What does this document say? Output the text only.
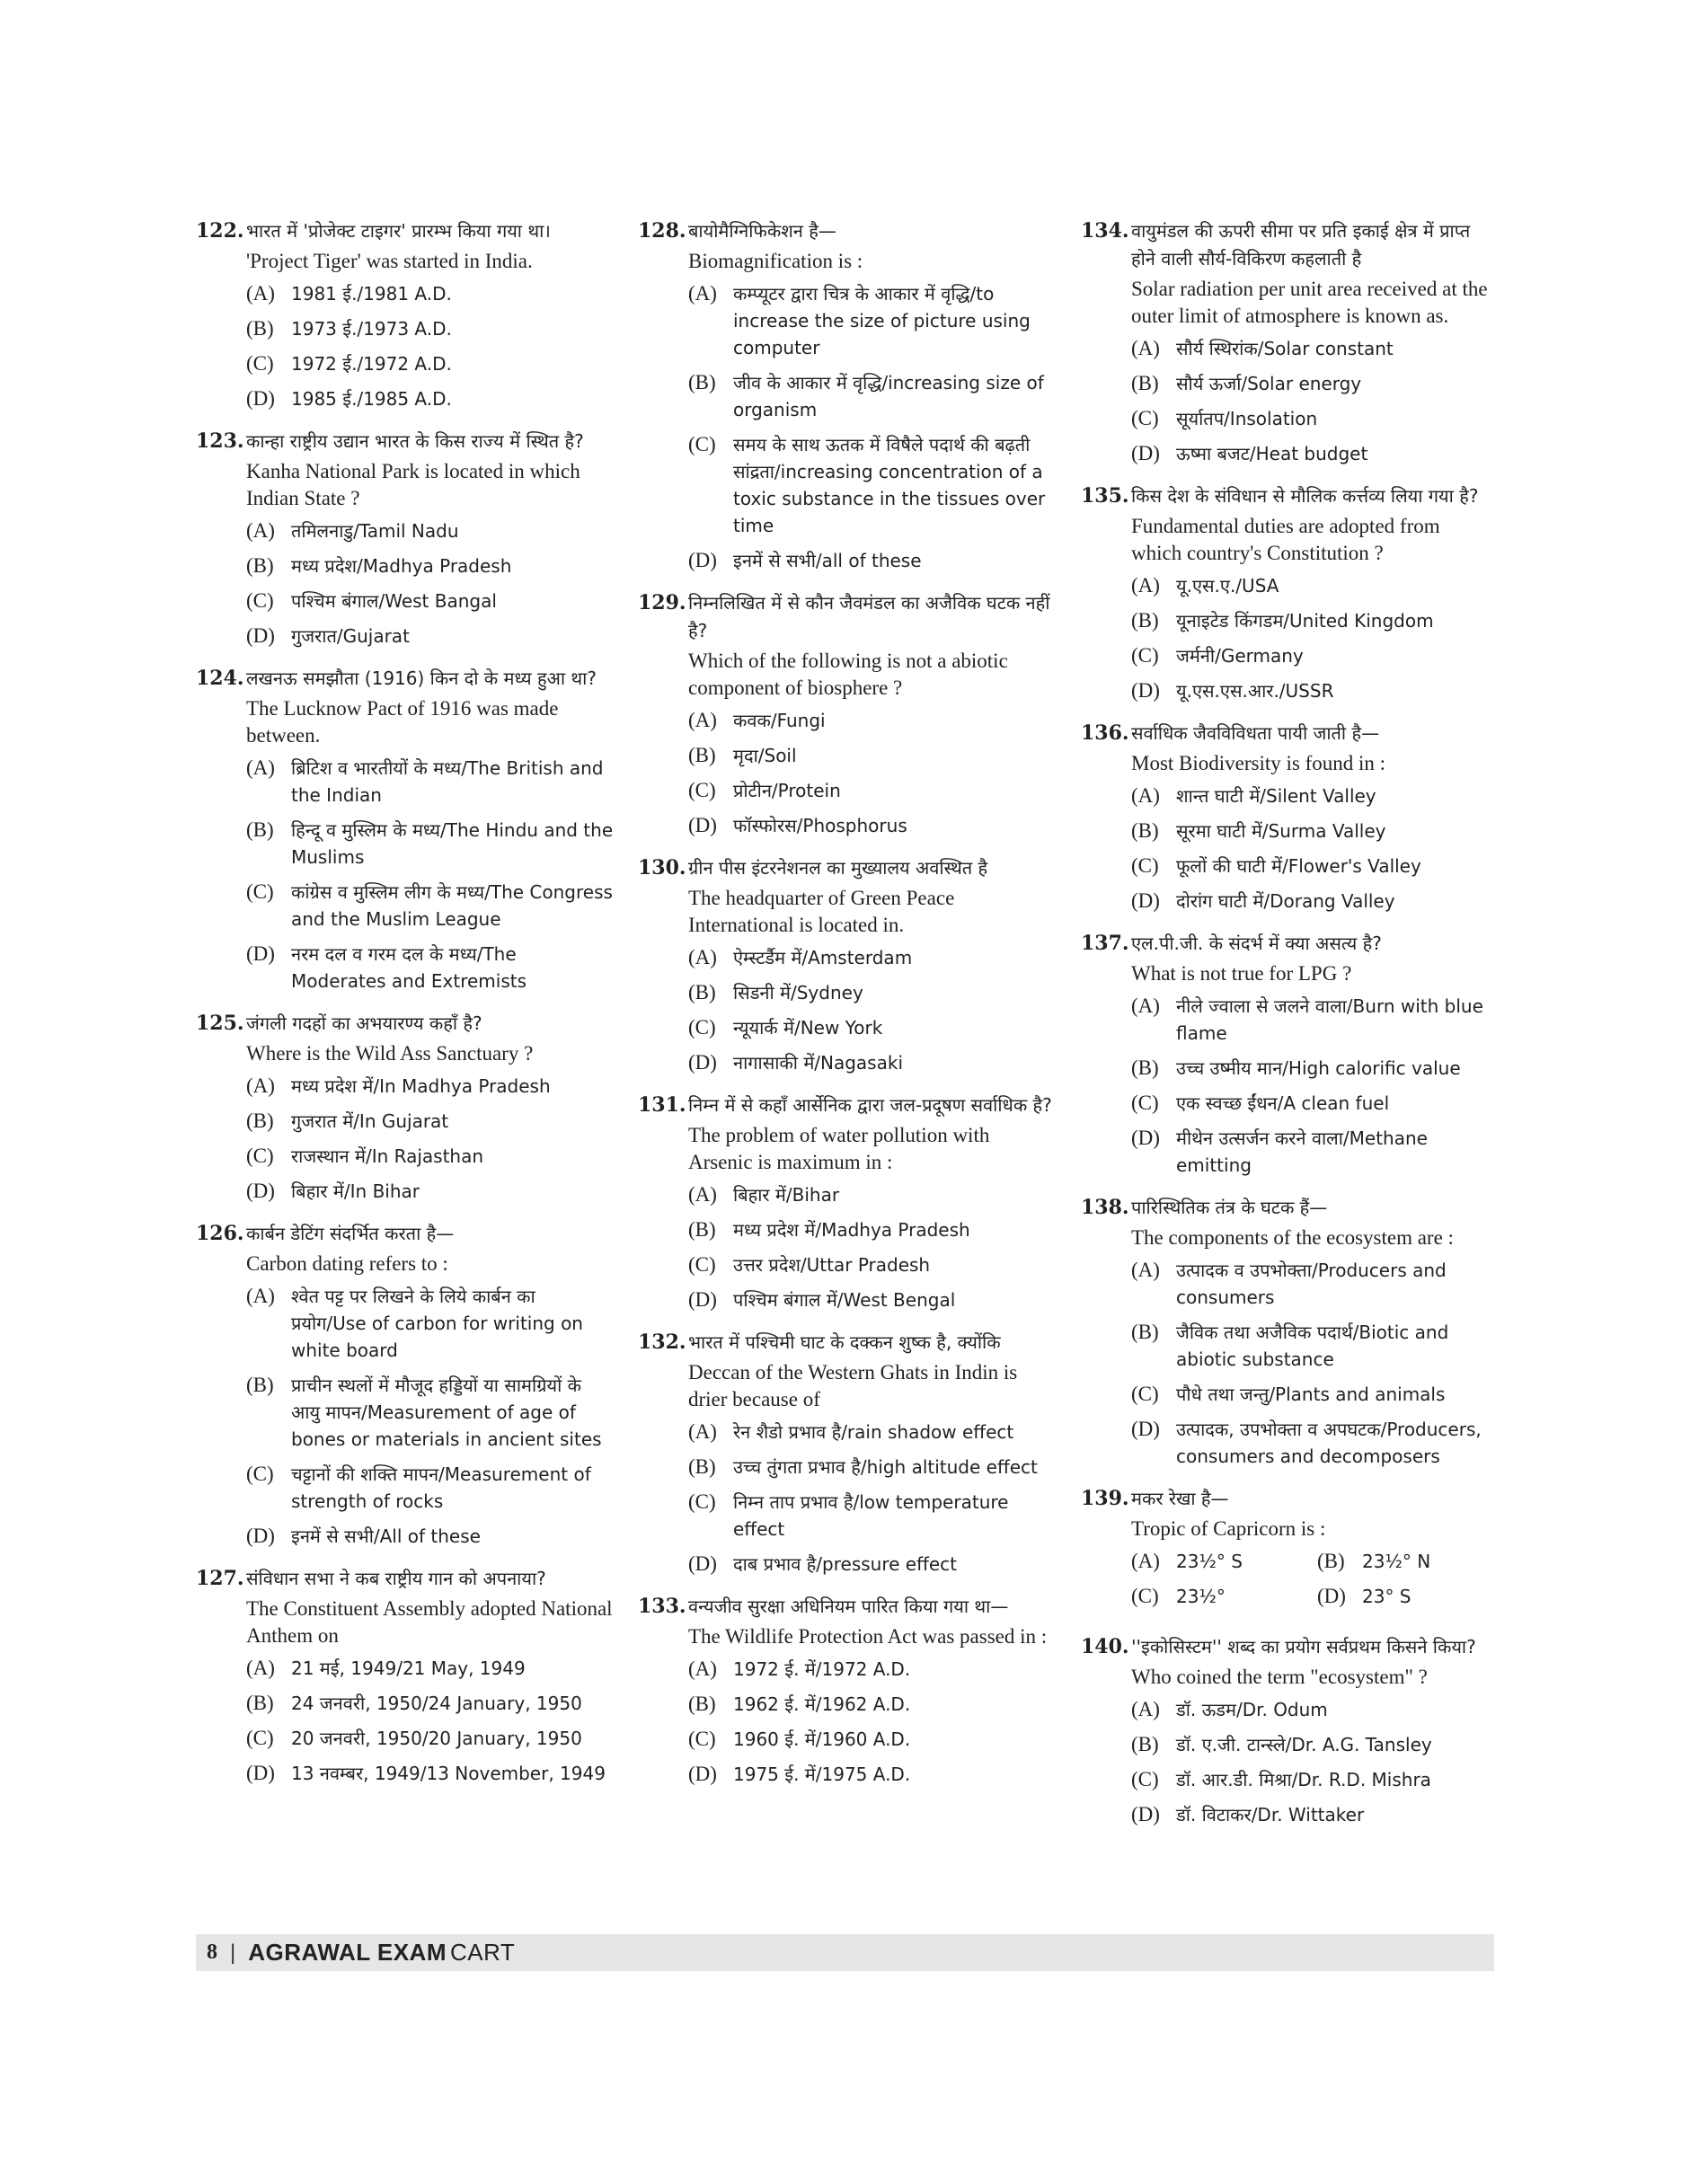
122. भारत में 'प्रोजेक्ट टाइगर' प्रारम्भ किया गया था।
'Project Tiger' was started in India.
(A) 1981 ई./1981 A.D.
(B) 1973 ई./1973 A.D.
(C) 1972 ई./1972 A.D.
(D) 1985 ई./1985 A.D.
123. कान्हा राष्ट्रीय उद्यान भारत के किस राज्य में स्थित है?
Kanha National Park is located in which Indian State ?
(A) तमिलनाडु/Tamil Nadu
(B) मध्य प्रदेश/Madhya Pradesh
(C) पश्चिम बंगाल/West Bangal
(D) गुजरात/Gujarat
124. लखनऊ समझौता (1916) किन दो के मध्य हुआ था?
The Lucknow Pact of 1916 was made between.
(A) ब्रिटिश व भारतीयों के मध्य/The British and the Indian
(B) हिन्दू व मुस्लिम के मध्य/The Hindu and the Muslims
(C) कांग्रेस व मुस्लिम लीग के मध्य/The Congress and the Muslim League
(D) नरम दल व गरम दल के मध्य/The Moderates and Extremists
125. जंगली गदहों का अभयारण्य कहाँ है?
Where is the Wild Ass Sanctuary ?
(A) मध्य प्रदेश में/In Madhya Pradesh
(B) गुजरात में/In Gujarat
(C) राजस्थान में/In Rajasthan
(D) बिहार में/In Bihar
126. कार्बन डेटिंग संदर्भित करता है—
Carbon dating refers to :
(A) श्वेत पट्ट पर लिखने के लिये कार्बन का प्रयोग/Use of carbon for writing on white board
(B) प्राचीन स्थलों में मौजूद हड्डियों या सामग्रियों के आयु मापन/Measurement of age of bones or materials in ancient sites
(C) चट्टानों की शक्ति मापन/Measurement of strength of rocks
(D) इनमें से सभी/All of these
127. संविधान सभा ने कब राष्ट्रीय गान को अपनाया?
The Constituent Assembly adopted National Anthem on
(A) 21 मई, 1949/21 May, 1949
(B) 24 जनवरी, 1950/24 January, 1950
(C) 20 जनवरी, 1950/20 January, 1950
(D) 13 नवम्बर, 1949/13 November, 1949
128. बायोमैग्निफिकेशन है—
Biomagnification is :
(A) कम्प्यूटर द्वारा चित्र के आकार में वृद्धि/to increase the size of picture using computer
(B) जीव के आकार में वृद्धि/increasing size of organism
(C) समय के साथ ऊतक में विषैले पदार्थ की बढ़ती सांद्रता/increasing concentration of a toxic substance in the tissues over time
(D) इनमें से सभी/all of these
129. निम्नलिखित में से कौन जैवमंडल का अजैविक घटक नहीं है?
Which of the following is not a abiotic component of biosphere ?
(A) कवक/Fungi
(B) मृदा/Soil
(C) प्रोटीन/Protein
(D) फॉस्फोरस/Phosphorus
130. ग्रीन पीस इंटरनेशनल का मुख्यालय अवस्थित है
The headquarter of Green Peace International is located in.
(A) ऐम्स्टर्डैम में/Amsterdam
(B) सिडनी में/Sydney
(C) न्यूयार्क में/New York
(D) नागासाकी में/Nagasaki
131. निम्न में से कहाँ आर्सेनिक द्वारा जल-प्रदूषण सर्वाधिक है?
The problem of water pollution with Arsenic is maximum in :
(A) बिहार में/Bihar
(B) मध्य प्रदेश में/Madhya Pradesh
(C) उत्तर प्रदेश/Uttar Pradesh
(D) पश्चिम बंगाल में/West Bengal
132. भारत में पश्चिमी घाट के दक्कन शुष्क है, क्योंकि
Deccan of the Western Ghats in Indin is drier because of
(A) रेन शैडो प्रभाव है/rain shadow effect
(B) उच्च तुंगता प्रभाव है/high altitude effect
(C) निम्न ताप प्रभाव है/low temperature effect
(D) दाब प्रभाव है/pressure effect
133. वन्यजीव सुरक्षा अधिनियम पारित किया गया था—
The Wildlife Protection Act was passed in :
(A) 1972 ई. में/1972 A.D.
(B) 1962 ई. में/1962 A.D.
(C) 1960 ई. में/1960 A.D.
(D) 1975 ई. में/1975 A.D.
134. वायुमंडल की ऊपरी सीमा पर प्रति इकाई क्षेत्र में प्राप्त होने वाली सौर्य-विकिरण कहलाती है
Solar radiation per unit area received at the outer limit of atmosphere is known as.
(A) सौर्य स्थिरांक/Solar constant
(B) सौर्य ऊर्जा/Solar energy
(C) सूर्यातप/Insolation
(D) ऊष्मा बजट/Heat budget
135. किस देश के संविधान से मौलिक कर्त्तव्य लिया गया है?
Fundamental duties are adopted from which country's Constitution ?
(A) यू.एस.ए./USA
(B) यूनाइटेड किंगडम/United Kingdom
(C) जर्मनी/Germany
(D) यू.एस.एस.आर./USSR
136. सर्वाधिक जैवविविधता पायी जाती है—
Most Biodiversity is found in :
(A) शान्त घाटी में/Silent Valley
(B) सूरमा घाटी में/Surma Valley
(C) फूलों की घाटी में/Flower's Valley
(D) दोरांग घाटी में/Dorang Valley
137. एल.पी.जी. के संदर्भ में क्या असत्य है?
What is not true for LPG ?
(A) नीले ज्वाला से जलने वाला/Burn with blue flame
(B) उच्च उष्मीय मान/High calorific value
(C) एक स्वच्छ ईंधन/A clean fuel
(D) मीथेन उत्सर्जन करने वाला/Methane emitting
138. पारिस्थितिक तंत्र के घटक हैं—
The components of the ecosystem are :
(A) उत्पादक व उपभोक्ता/Producers and consumers
(B) जैविक तथा अजैविक पदार्थ/Biotic and abiotic substance
(C) पौधे तथा जन्तु/Plants and animals
(D) उत्पादक, उपभोक्ता व अपघटक/Producers, consumers and decomposers
139. मकर रेखा है—
Tropic of Capricorn is :
(A) 23½° S	(B) 23½° N
(C) 23½°	(D) 23° S
140. ''इकोसिस्टम'' शब्द का प्रयोग सर्वप्रथम किसने किया?
Who coined the term "ecosystem" ?
(A) डॉ. ऊडम/Dr. Odum
(B) डॉ. ए.जी. टान्स्ले/Dr. A.G. Tansley
(C) डॉ. आर.डी. मिश्रा/Dr. R.D. Mishra
(D) डॉ. विटाकर/Dr. Wittaker
8 | AGRAWAL EXAM CART
